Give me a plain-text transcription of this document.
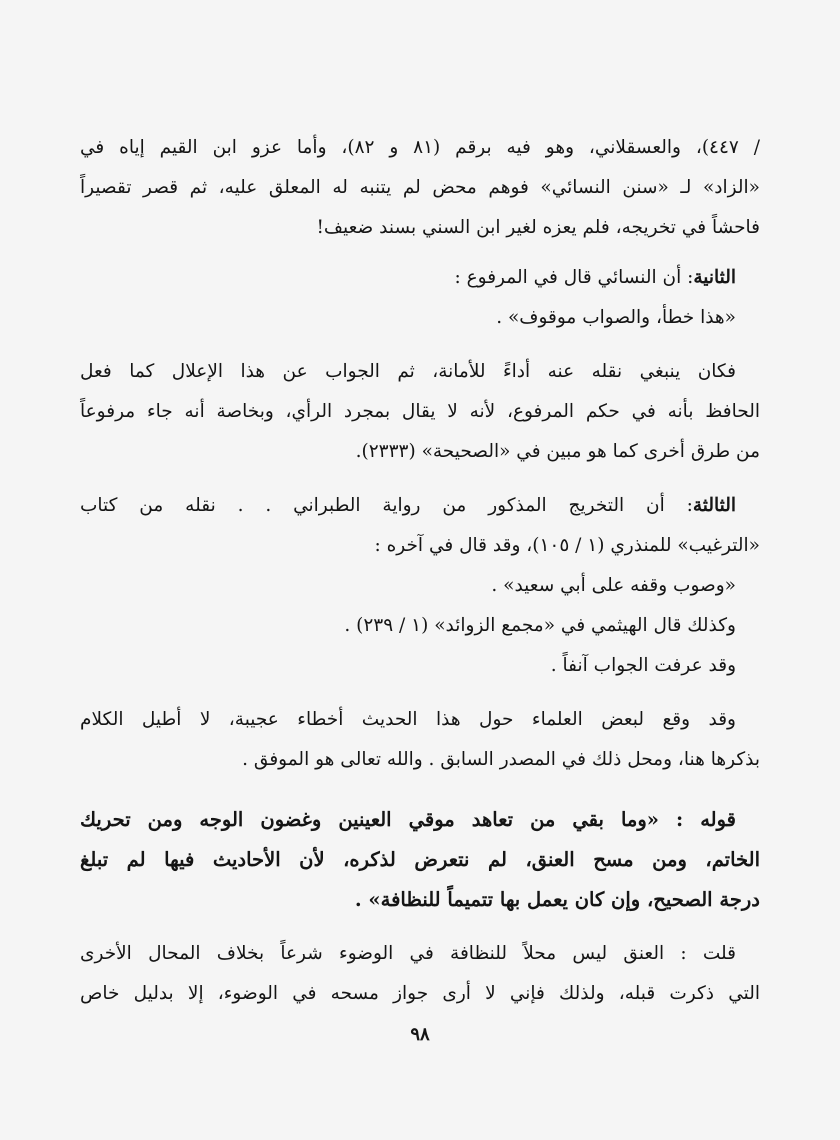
/ ٤٤٧)، والعسقلاني، وهو فيه برقم (٨١ و ٨٢)، وأما عزو ابن القيم إياه في
«الزاد» لـ «سنن النسائي» فوهم محض لم يتنبه له المعلق عليه، ثم قصر تقصيراً
فاحشاً في تخريجه، فلم يعزه لغير ابن السني بسند ضعيف!
الثانية: أن النسائي قال في المرفوع :
«هذا خطأ، والصواب موقوف» .
فكان ينبغي نقله عنه أداءً للأمانة، ثم الجواب عن هذا الإعلال كما فعل
الحافظ بأنه في حكم المرفوع، لأنه لا يقال بمجرد الرأي، وبخاصة أنه جاء مرفوعاً
من طرق أخرى كما هو مبين في «الصحيحة» (٢٣٣٣).
الثالثة: أن التخريج المذكور من رواية الطبراني . . نقله من كتاب
«الترغيب» للمنذري (١ / ١٠٥)، وقد قال في آخره :
«وصوب وقفه على أبي سعيد» .
وكذلك قال الهيثمي في «مجمع الزوائد» (١ / ٢٣٩) .
وقد عرفت الجواب آنفاً .
وقد وقع لبعض العلماء حول هذا الحديث أخطاء عجيبة، لا أطيل الكلام
بذكرها هنا، ومحل ذلك في المصدر السابق . والله تعالى هو الموفق .
قوله : «وما بقي من تعاهد موقي العينين وغضون الوجه ومن تحريك
الخاتم، ومن مسح العنق، لم نتعرض لذكره، لأن الأحاديث فيها لم تبلغ
درجة الصحيح، وإن كان يعمل بها تتميماً للنظافة» .
قلت : العنق ليس محلاً للنظافة في الوضوء شرعاً بخلاف المحال الأخرى
التي ذكرت قبله، ولذلك فإني لا أرى جواز مسحه في الوضوء، إلا بدليل خاص
٩٨
